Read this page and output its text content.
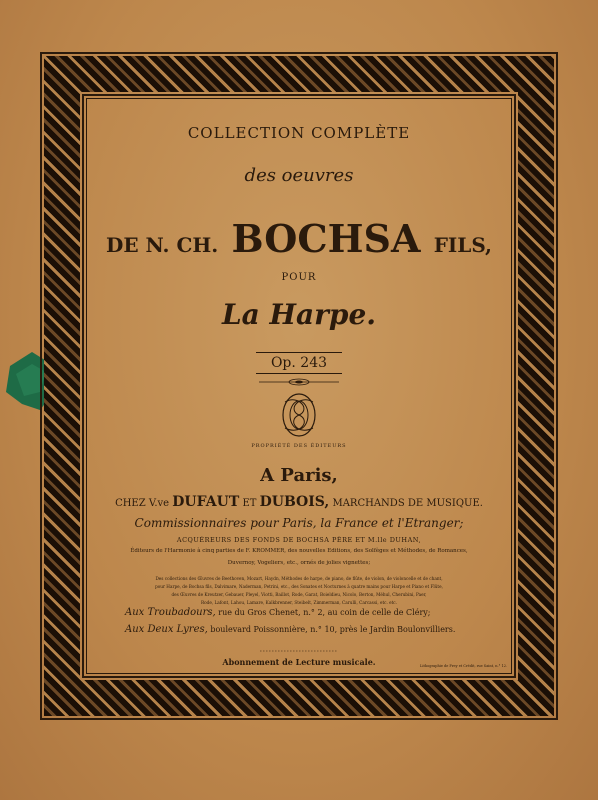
COLLECTION COMPLÈTE
des oeuvres
DE N. CH. BOCHSA FILS,
POUR
La Harpe.
Op. 243
PROPRIÉTÉ DES ÉDITEURS
A Paris,
CHEZ V.ve DUFAUT ET DUBOIS, MARCHANDS DE MUSIQUE.
Commissionnaires pour Paris, la France et l'Etranger;
ACQUÉREURS DES FONDS DE BOCHSA PÈRE ET M.lle DUHAN,
Éditeurs de l'Harmonie à cinq parties de F. KROMMER, des nouvelles Editions, des Solfèges et Méthodes, de Romances,
Duvernoy, Vogeliers, etc., ornés de jolies vignettes;
Des collections des Œuvres de Beethoven, Mozart, Haydn, Méthodes de harpe, de piano, de flûte, de violon, de violoncelle et de chant,
pour Harpe, de Bochsa fils, Dalvimare, Naderman, Petrini, etc., des Sonates et Nocturnes à quatre mains pour Harpe et Piano et Flûte,
des Œuvres de Kreutzer, Gebauer, Pleyel, Viotti, Baillot, Rode, Garat, Boieldieu, Nicolo, Berton, Méhul, Cherubini, Paer,
Rode, Lafont, Lahou, Lamare, Kalkbrenner, Steibelt, Zimmerman, Carulli, Carcassi, etc. etc.
Aux Troubadours, rue du Gros Chenet, n.° 2, au coin de celle de Cléry;
Aux Deux Lyres, boulevard Poissonnière, n.° 10, près le Jardin Boulonvilliers.
Abonnement de Lecture musicale.	Lithographie de Frey et Crédit, rue Saint, n.° 12.
